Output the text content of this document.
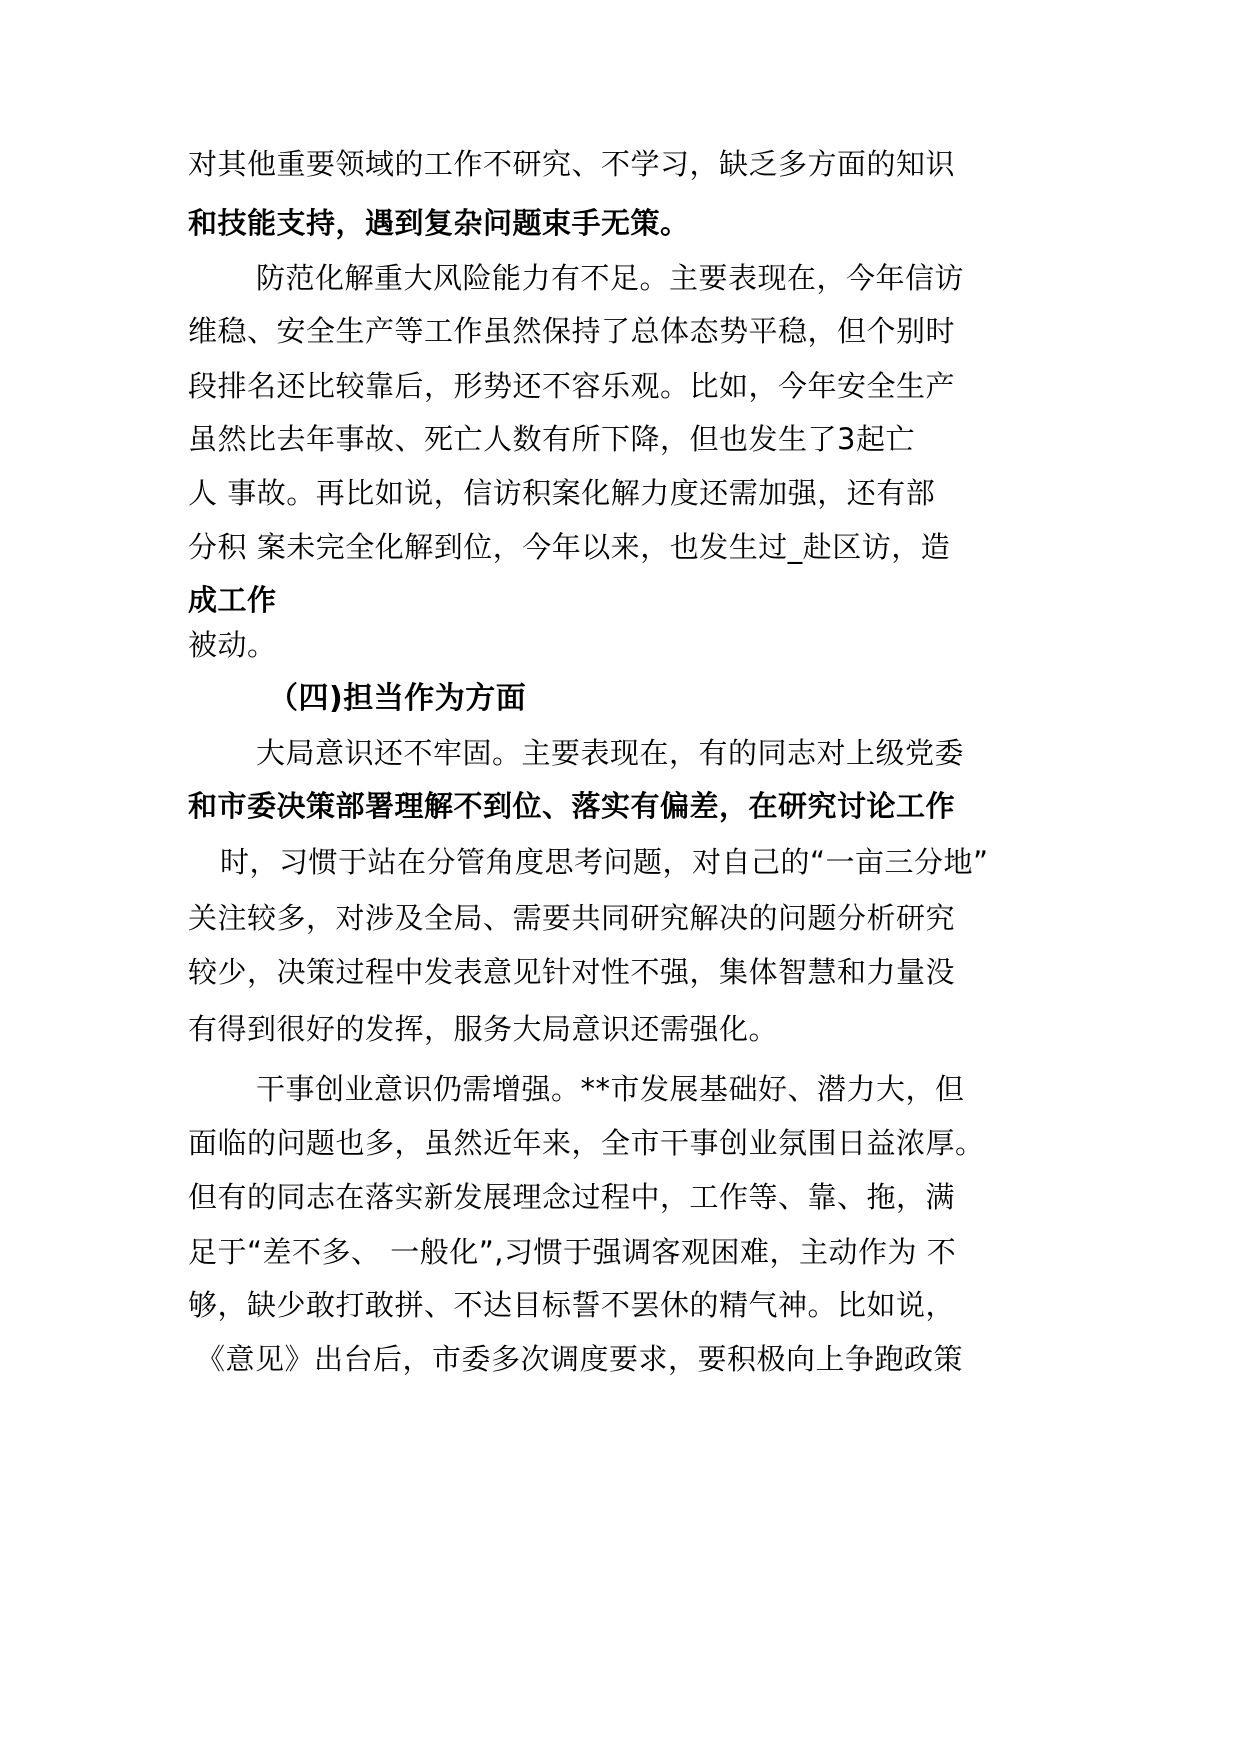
对其他重要领域的工作不研究、不学习，缺乏多方面的知识
和技能支持，遇到复杂问题束手无策。
防范化解重大风险能力有不足。主要表现在，今年信访
维稳、安全生产等工作虽然保持了总体态势平稳，但个别时
段排名还比较靠后，形势还不容乐观。比如，今年安全生产
虽然比去年事故、死亡人数有所下降，但也发生了3起亡
人 事故。再比如说，信访积案化解力度还需加强，还有部
分积 案未完全化解到位，今年以来，也发生过_赴区访，造
成工作
被动。
（四)担当作为方面
大局意识还不牢固。主要表现在，有的同志对上级党委
和市委决策部署理解不到位、落实有偏差，在研究讨论工作
时，习惯于站在分管角度思考问题，对自己的“一亩三分地”
关注较多，对涉及全局、需要共同研究解决的问题分析研究
较少，决策过程中发表意见针对性不强，集体智慧和力量没
有得到很好的发挥，服务大局意识还需强化。
干事创业意识仍需增强。**市发展基础好、潜力大，但
面临的问题也多，虽然近年来，全市干事创业氛围日益浓厚。
但有的同志在落实新发展理念过程中，工作等、靠、拖，满
足于“差不多、 一般化”,习惯于强调客观困难，主动作为 不
够，缺少敢打敢拼、不达目标誓不罢休的精气神。比如说，
《意见》出台后，市委多次调度要求，要积极向上争跑政策
